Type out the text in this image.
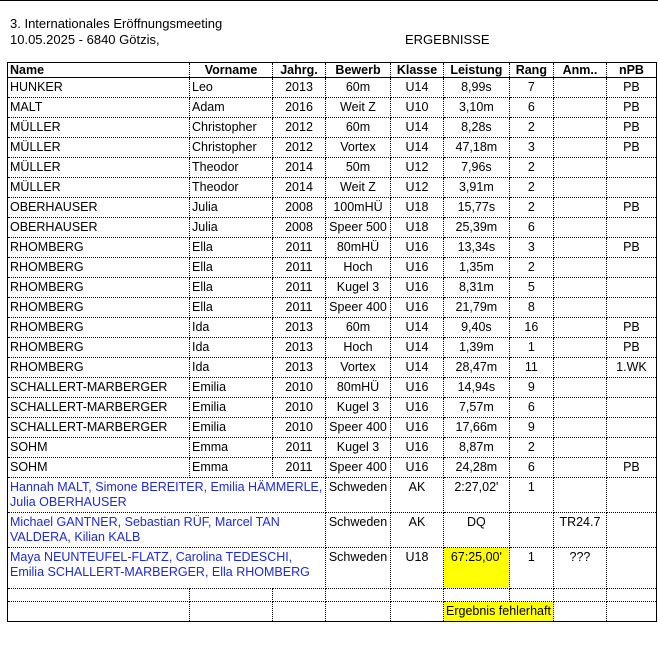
3. Internationales Eröffnungsmeeting
10.05.2025 - 6840 Götzis,	ERGEBNISSE
Name	Vorname	Jahrg.	Bewerb	Klasse	Leistung	Rang	Anm..	nPB
HUNKER	Leo	2013	60m	U14	8,99s	7		PB
MALT	Adam	2016	Weit Z	U10	3,10m	6		PB
MÜLLER	Christopher	2012	60m	U14	8,28s	2		PB
MÜLLER	Christopher	2012	Vortex	U14	47,18m	3		PB
MÜLLER	Theodor	2014	50m	U12	7,96s	2		
MÜLLER	Theodor	2014	Weit Z	U12	3,91m	2		
OBERHAUSER	Julia	2008	100mHÜ	U18	15,77s	2		PB
OBERHAUSER	Julia	2008	Speer 500	U18	25,39m	6		
RHOMBERG	Ella	2011	80mHÜ	U16	13,34s	3		PB
RHOMBERG	Ella	2011	Hoch	U16	1,35m	2		
RHOMBERG	Ella	2011	Kugel 3	U16	8,31m	5		
RHOMBERG	Ella	2011	Speer 400	U16	21,79m	8		
RHOMBERG	Ida	2013	60m	U14	9,40s	16		PB
RHOMBERG	Ida	2013	Hoch	U14	1,39m	1		PB
RHOMBERG	Ida	2013	Vortex	U14	28,47m	11		1.WK
SCHALLERT-MARBERGER	Emilia	2010	80mHÜ	U16	14,94s	9		
SCHALLERT-MARBERGER	Emilia	2010	Kugel 3	U16	7,57m	6		
SCHALLERT-MARBERGER	Emilia	2010	Speer 400	U16	17,66m	9		
SOHM	Emma	2011	Kugel 3	U16	8,87m	2		
SOHM	Emma	2011	Speer 400	U16	24,28m	6		PB
Hannah MALT, Simone BEREITER, Emilia HÄMMERLE, Julia OBERHAUSER			Schweden	AK	2:27,02'	1		
Michael GANTNER, Sebastian RÜF, Marcel TAN VALDERA, Kilian KALB			Schweden	AK	DQ		TR24.7	
Maya NEUNTEUFEL-FLATZ, Carolina TEDESCHI, Emilia SCHALLERT-MARBERGER, Ella RHOMBERG			Schweden	U18	67:25,00'	1	???	

					Ergebnis fehlerhaft			
